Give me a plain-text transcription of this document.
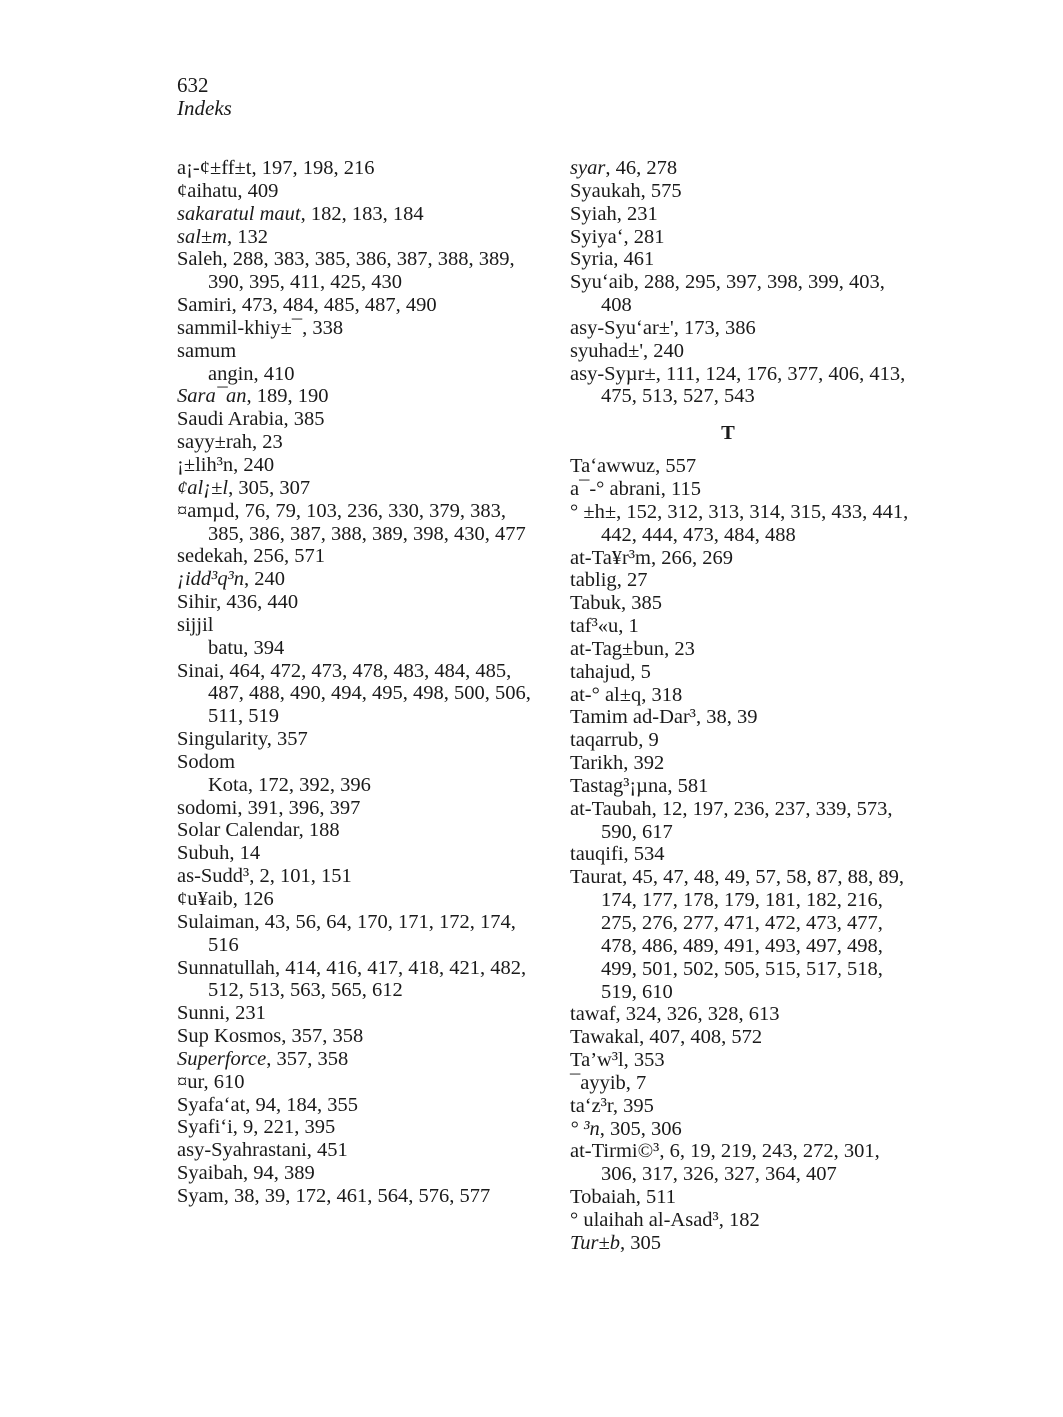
632
Indeks
a¡-¢±ff±t, 197, 198, 216
¢aihatu, 409
sakaratul maut, 182, 183, 184
sal±m, 132
Saleh, 288, 383, 385, 386, 387, 388, 389, 390, 395, 411, 425, 430
Samiri, 473, 484, 485, 487, 490
sammil-khiy±¯, 338
samum
angin, 410
Sara¯an, 189, 190
Saudi Arabia, 385
sayy±rah, 23
¡±lih³n, 240
¢al¡±l, 305, 307
¤amµd, 76, 79, 103, 236, 330, 379, 383, 385, 386, 387, 388, 389, 398, 430, 477
sedekah, 256, 571
¡idd³q³n, 240
Sihir, 436, 440
sijjil
batu, 394
Sinai, 464, 472, 473, 478, 483, 484, 485, 487, 488, 490, 494, 495, 498, 500, 506, 511, 519
Singularity, 357
Sodom
Kota, 172, 392, 396
sodomi, 391, 396, 397
Solar Calendar, 188
Subuh, 14
as-Sudd³, 2, 101, 151
¢u¥aib, 126
Sulaiman, 43, 56, 64, 170, 171, 172, 174, 516
Sunnatullah, 414, 416, 417, 418, 421, 482, 512, 513, 563, 565, 612
Sunni, 231
Sup Kosmos, 357, 358
Superforce, 357, 358
¤ur, 610
Syafa‘at, 94, 184, 355
Syafi‘i, 9, 221, 395
asy-Syahrastani, 451
Syaibah, 94, 389
Syam, 38, 39, 172, 461, 564, 576, 577
syar, 46, 278
Syaukah, 575
Syiah, 231
Syiya‘, 281
Syria, 461
Syu‘aib, 288, 295, 397, 398, 399, 403, 408
asy-Syu‘ar±', 173, 386
syuhad±', 240
asy-Syµr±, 111, 124, 176, 377, 406, 413, 475, 513, 527, 543
T
Ta‘awwuz, 557
a¯-° abrani, 115
° ±h±, 152, 312, 313, 314, 315, 433, 441, 442, 444, 473, 484, 488
at-Ta¥r³m, 266, 269
tablig, 27
Tabuk, 385
taf³«u, 1
at-Tag±bun, 23
tahajud, 5
at-° al±q, 318
Tamim ad-Dar³, 38, 39
taqarrub, 9
Tarikh, 392
Tastag³¡µna, 581
at-Taubah, 12, 197, 236, 237, 339, 573, 590, 617
tauqifi, 534
Taurat, 45, 47, 48, 49, 57, 58, 87, 88, 89, 174, 177, 178, 179, 181, 182, 216, 275, 276, 277, 471, 472, 473, 477, 478, 486, 489, 491, 493, 497, 498, 499, 501, 502, 505, 515, 517, 518, 519, 610
tawaf, 324, 326, 328, 613
Tawakal, 407, 408, 572
Ta’w³l, 353
¯ayyib, 7
ta‘z³r, 395
° ³n, 305, 306
at-Tirmi©³, 6, 19, 219, 243, 272, 301, 306, 317, 326, 327, 364, 407
Tobaiah, 511
° ulaihah al-Asad³, 182
Tur±b, 305
